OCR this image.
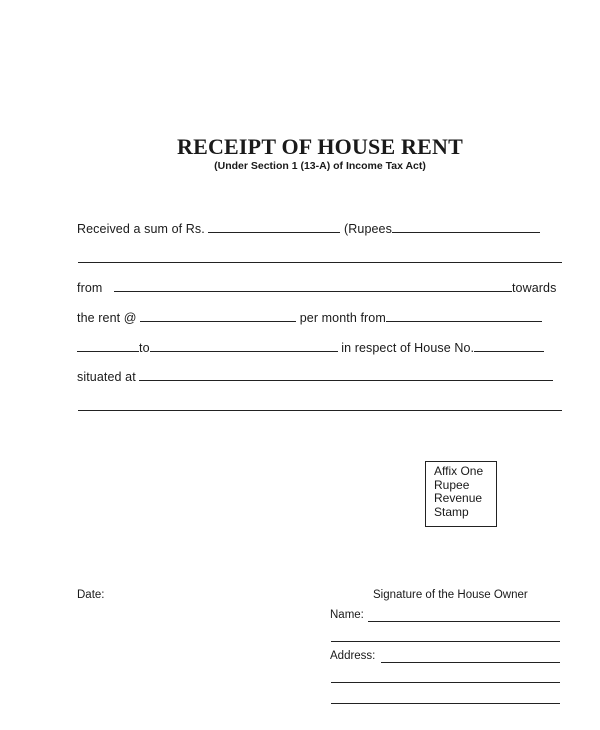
RECEIPT OF HOUSE RENT
(Under Section 1 (13-A) of Income Tax Act)
Received a sum of Rs.	(Rupees
from	towards
the rent @	per month from
to	in respect of House No.
situated at
Affix One
Rupee
Revenue
Stamp
Date:	Signature of the House Owner
Name:
Address:
